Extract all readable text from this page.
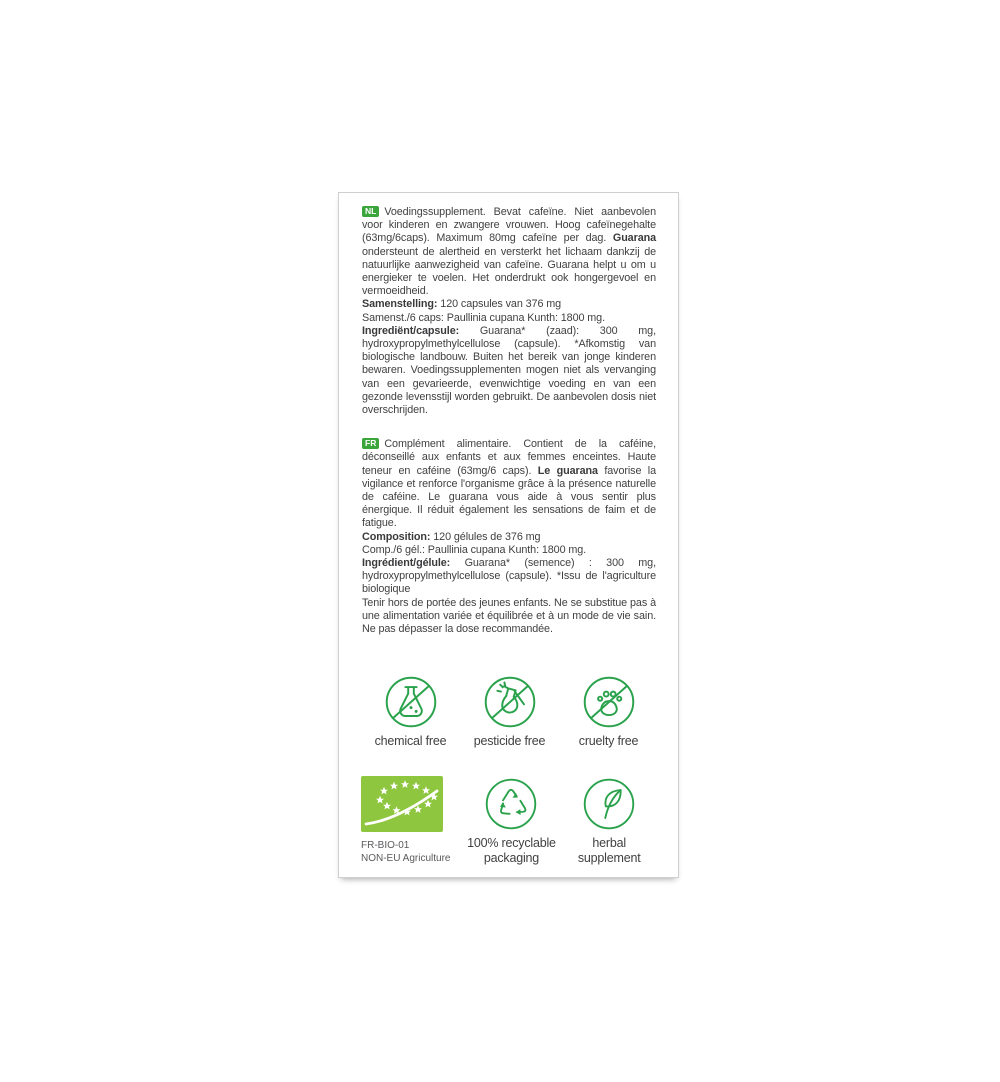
NL Voedingssupplement. Bevat cafeïne. Niet aanbevolen voor kinderen en zwangere vrouwen. Hoog cafeïnegehalte (63mg/6caps). Maximum 80mg cafeïne per dag. Guarana ondersteunt de alertheid en versterkt het lichaam dankzij de natuurlijke aanwezigheid van cafeïne. Guarana helpt u om u energieker te voelen. Het onderdrukt ook hongergevoel en vermoeidheid.

Samenstelling: 120 capsules van 376 mg

Samenst./6 caps: Paullinia cupana Kunth: 1800 mg.

Ingrediënt/capsule: Guarana* (zaad): 300 mg, hydroxypropylmethylcellulose (capsule). *Afkomstig van biologische landbouw. Buiten het bereik van jonge kinderen bewaren. Voedingssupplementen mogen niet als vervanging van een gevarieerde, evenwichtige voeding en van een gezonde levensstijl worden gebruikt. De aanbevolen dosis niet overschrijden.

FR Complément alimentaire. Contient de la caféine, déconseillé aux enfants et aux femmes enceintes. Haute teneur en caféine (63mg/6 caps). Le guarana favorise la vigilance et renforce l'organisme grâce à la présence naturelle de caféine. Le guarana vous aide à vous sentir plus énergique. Il réduit également les sensations de faim et de fatigue.

Composition: 120 gélules de 376 mg

Comp./6 gél.: Paullinia cupana Kunth: 1800 mg.

Ingrédient/gélule: Guarana* (semence) : 300 mg, hydroxypropylmethylcellulose (capsule). *Issu de l'agriculture biologique

Tenir hors de portée des jeunes enfants. Ne se substitue pas à une alimentation variée et équilibrée et à un mode de vie sain. Ne pas dépasser la dose recommandée.

chemical free pesticide free	cruelty free
FR-BIO-01
NON-EU Agriculture
100% recyclable packaging
herbal supplement
